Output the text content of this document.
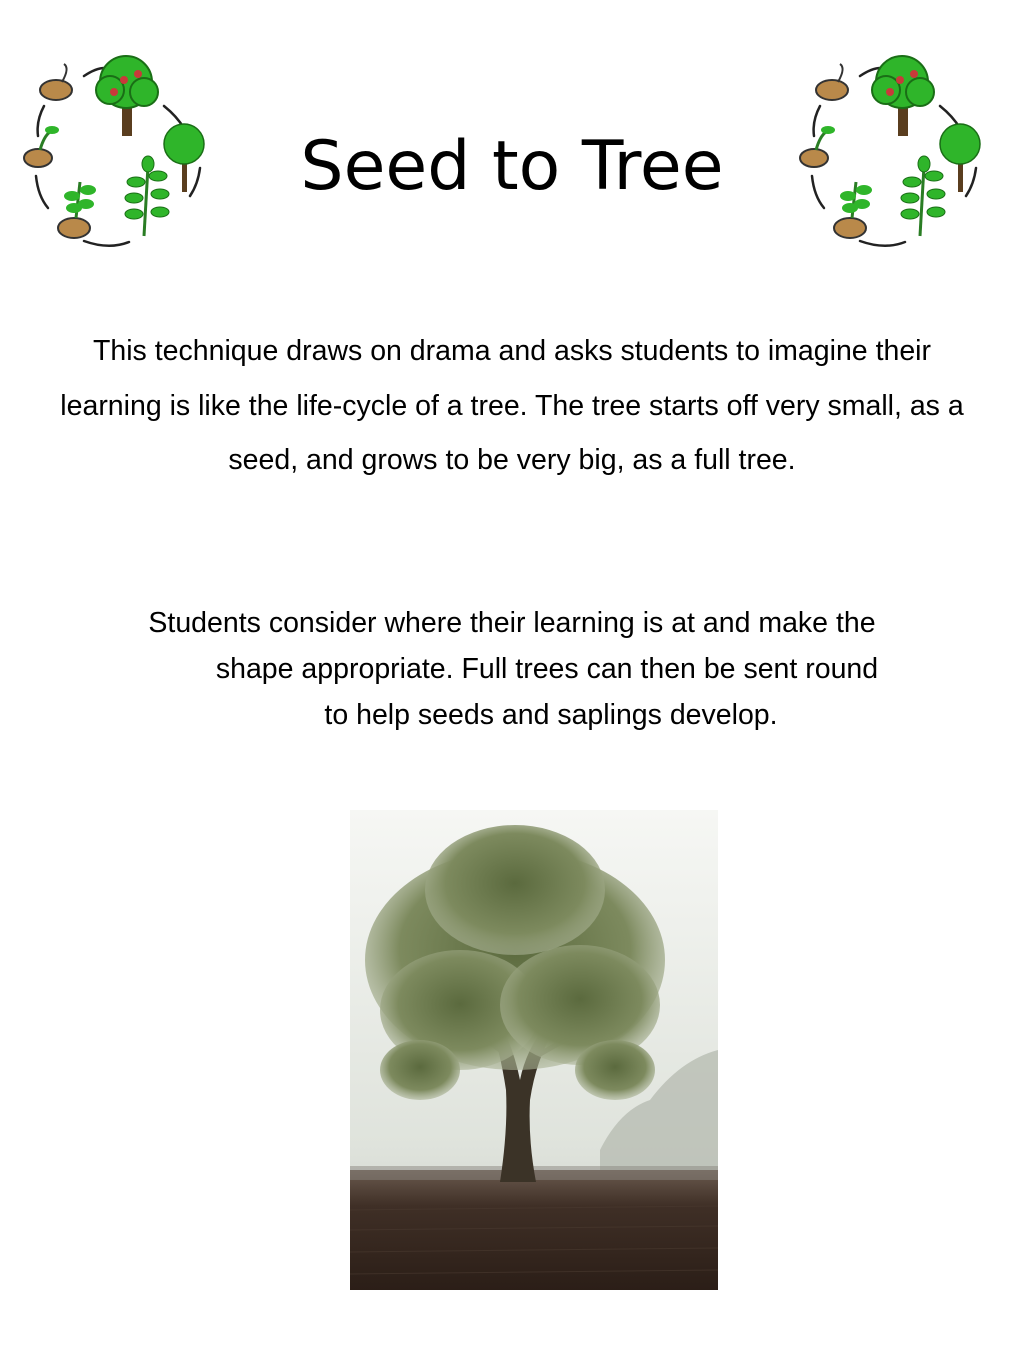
Seed to Tree
This technique draws on drama and asks students to imagine their learning is like the life-cycle of a tree. The tree starts off very small, as a seed, and grows to be very big, as a full tree.
Students consider where their learning is at and make the
shape appropriate. Full trees can then be sent round
to help seeds and saplings develop.
